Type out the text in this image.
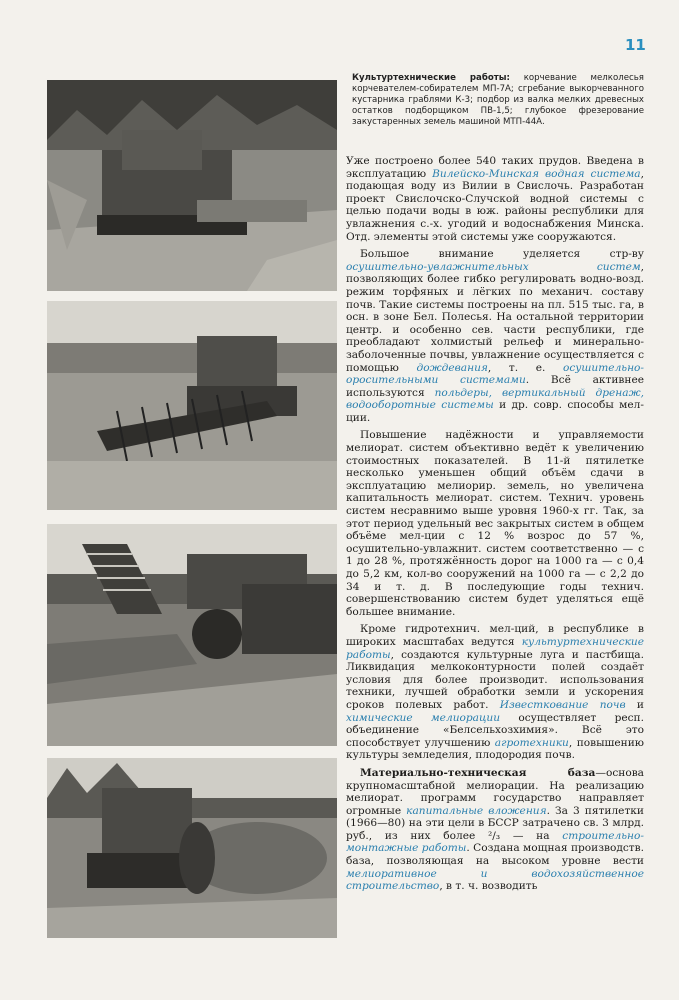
11
Культуртехнические работы: корчевание мелколесья корчевателем-собирателем МП-7А; сгребание выкорчеванного кустарника граблями К-3; подбор из валка мелких древесных остатков подборщиком ПВ-1,5; глубокое фрезерование закустаренных земель машиной МТП-44А.

Уже построено более 540 таких прудов. Введена в эксплуатацию Вилейско-Минская водная система, подающая воду из Вилии в Свислочь. Разработан проект Свислочско-Случской водной системы с целью подачи воды в юж. районы республики для увлажнения с.-х. угодий и водоснабжения Минска. Отд. элементы этой системы уже сооружаются.

Большое внимание уделяется стр-ву осушительно-увлажнительных систем, позволяющих более гибко регулировать водно-возд. режим торфяных и лёгких по механич. составу почв. Такие системы построены на пл. 515 тыс. га, в осн. в зоне Бел. Полесья. На остальной территории центр. и особенно сев. части республики, где преобладают холмистый рельеф и минерально-заболоченные почвы, увлажнение осуществляется с помощью дождевания, т. е. осушительно-оросительными системами. Всё активнее используются польдеры, вертикальный дренаж, водооборотные системы и др. совр. способы мел-ции.

Повышение надёжности и управляемости мелиорат. систем объективно ведёт к увеличению стоимостных показателей. В 11-й пятилетке несколько уменьшен общий объём сдачи в эксплуатацию мелиорир. земель, но увеличена капитальность мелиорат. систем. Технич. уровень систем несравнимо выше уровня 1960-х гг. Так, за этот период удельный вес закрытых систем в общем объёме мел-ции с 12 % возрос до 57 %, осушительно-увлажнит. систем соответственно — с 1 до 28 %, протяжённость дорог на 1000 га — с 0,4 до 5,2 км, кол-во сооружений на 1000 га — с 2,2 до 34 и т. д. В последующие годы технич. совершенствованию систем будет уделяться ещё большее внимание.

Кроме гидротехнич. мел-ций, в республике в широких масштабах ведутся культуртехнические работы, создаются культурные луга и пастбища. Ликвидация мелкоконтурности полей создаёт условия для более производит. использования техники, лучшей обработки земли и ускорения сроков полевых работ. Известкование почв и химические мелиорации осуществляет респ. объединение «Белсельхозхимия». Всё это способствует улучшению агротехники, повышению культуры земледелия, плодородия почв.

Материально-техническая база—основа крупномасштабной мелиорации. На реализацию мелиорат. программ государство направляет огромные капитальные вложения. За 3 пятилетки (1966—80) на эти цели в БССР затрачено св. 3 млрд. руб., из них более ²/₃ — на строительно-монтажные работы. Создана мощная производств. база, позволяющая на высоком уровне вести мелиоративное и водохозяйственное строительство, в т. ч. возводить
